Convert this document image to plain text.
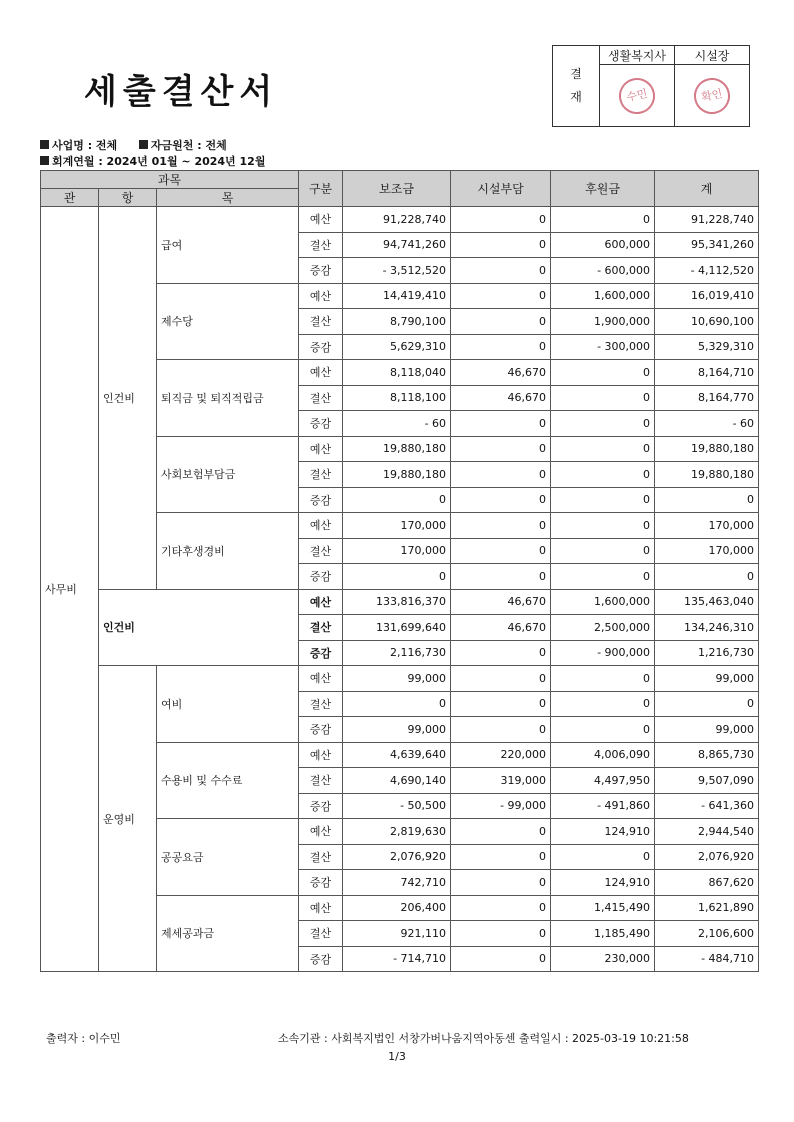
세출결산서	결
재	생활복지사	시설장
	수민	확인
사업명 : 전체	자금원천 : 전체
회계연월 : 2024년 01월 ~ 2024년 12월
과목			구분	보조금	시설부담	후원금	계
관	항	목					
사무비	인건비	급여	예산	91,228,740	0	0	91,228,740
			결산	94,741,260	0	600,000	95,341,260
			증감	- 3,512,520	0	- 600,000	- 4,112,520
		제수당	예산	14,419,410	0	1,600,000	16,019,410
			결산	8,790,100	0	1,900,000	10,690,100
			증감	5,629,310	0	- 300,000	5,329,310
		퇴직금 및 퇴직적립금	예산	8,118,040	46,670	0	8,164,710
			결산	8,118,100	46,670	0	8,164,770
			증감	- 60	0	0	- 60
		사회보험부담금	예산	19,880,180	0	0	19,880,180
			결산	19,880,180	0	0	19,880,180
			증감	0	0	0	0
		기타후생경비	예산	170,000	0	0	170,000
			결산	170,000	0	0	170,000
			증감	0	0	0	0
	인건비		예산	133,816,370	46,670	1,600,000	135,463,040
			결산	131,699,640	46,670	2,500,000	134,246,310
			증감	2,116,730	0	- 900,000	1,216,730
	운영비	여비	예산	99,000	0	0	99,000
			결산	0	0	0	0
			증감	99,000	0	0	99,000
		수용비 및 수수료	예산	4,639,640	220,000	4,006,090	8,865,730
			결산	4,690,140	319,000	4,497,950	9,507,090
			증감	- 50,500	- 99,000	- 491,860	- 641,360
		공공요금	예산	2,819,630	0	124,910	2,944,540
			결산	2,076,920	0	0	2,076,920
			증감	742,710	0	124,910	867,620
		제세공과금	예산	206,400	0	1,415,490	1,621,890
			결산	921,110	0	1,185,490	2,106,600
			증감	- 714,710	0	230,000	- 484,710
출력자 : 이수민	소속기관 : 사회복지법인 서창가버나움지역아동센 출력일시 : 2025-03-19 10:21:58
1/3
